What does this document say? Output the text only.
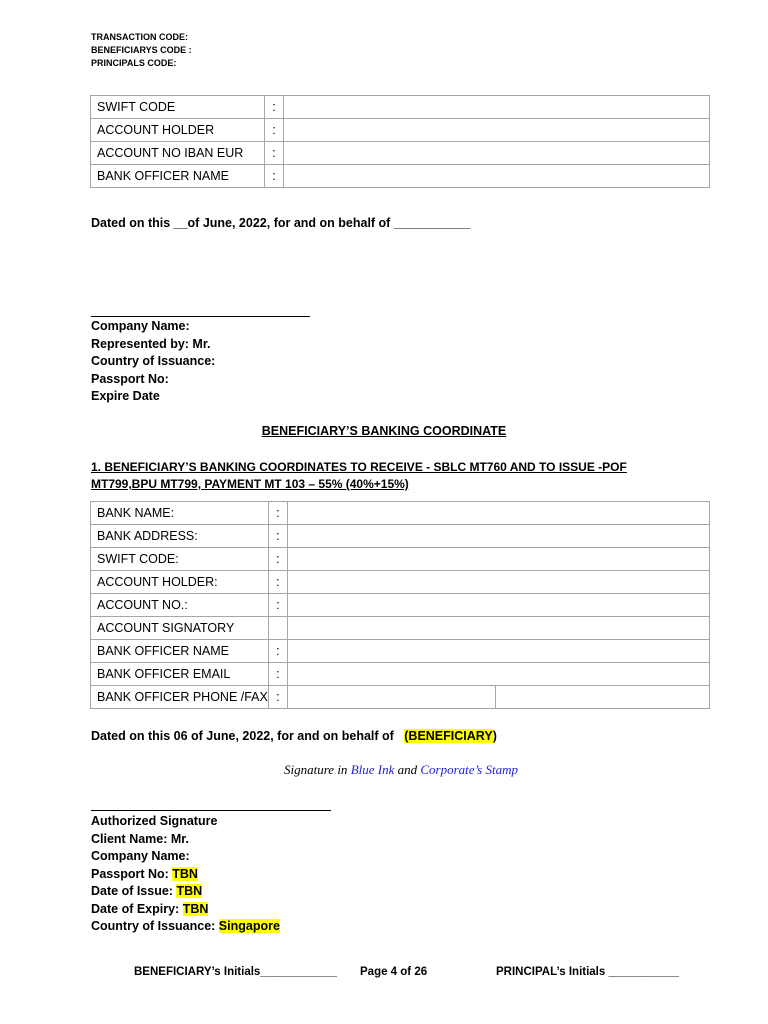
TRANSACTION CODE:
BENEFICIARYS CODE :
PRINCIPALS CODE:
SWIFT CODE	:	
ACCOUNT HOLDER	:	
ACCOUNT NO IBAN EUR	:	
BANK OFFICER NAME	:	
Dated on this __of June, 2022, for and on behalf of ___________
Company Name:
Represented by: Mr.
Country of Issuance:
Passport No:
Expire Date
BENEFICIARY’S BANKING COORDINATE
1. BENEFICIARY’S BANKING COORDINATES TO RECEIVE - SBLC MT760 AND TO ISSUE -POF MT799,BPU MT799, PAYMENT MT 103 – 55% (40%+15%)
BANK NAME:	:		
BANK ADDRESS:	:		
SWIFT CODE:	:		
ACCOUNT HOLDER:	:		
ACCOUNT NO.:	:		
ACCOUNT SIGNATORY			
BANK OFFICER NAME	:		
BANK OFFICER EMAIL	:		
BANK OFFICER PHONE /FAX	:		
Dated on this 06 of June, 2022, for and on behalf of (BENEFICIARY)
Signature in Blue Ink and Corporate’s Stamp
Authorized Signature
Client Name: Mr.
Company Name:
Passport No: TBN
Date of Issue: TBN
Date of Expiry: TBN
Country of Issuance: Singapore
BENEFICIARY’s Initials____________ Page 4 of 26	PRINCIPAL’s Initials ___________
